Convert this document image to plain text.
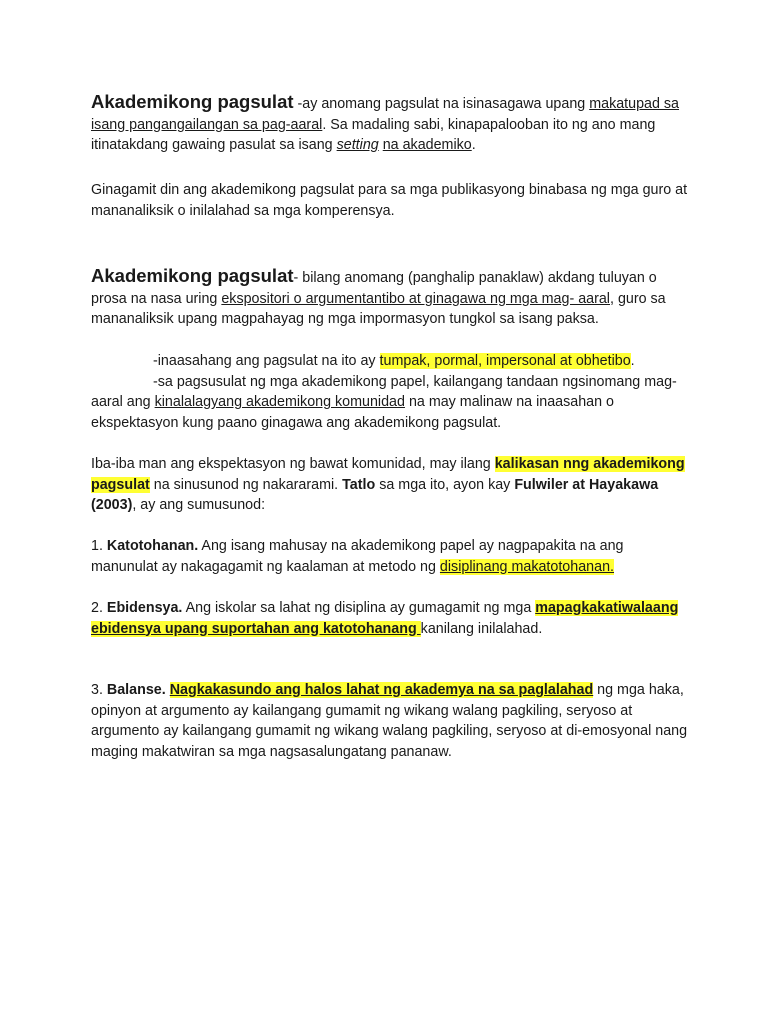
Akademikong pagsulat -ay anomang pagsulat na isinasagawa upang makatupad sa isang pangangailangan sa pag-aaral. Sa madaling sabi, kinapapalooban ito ng ano mang itinatakdang gawaing pasulat sa isang setting na akademiko.

Ginagamit din ang akademikong pagsulat para sa mga publikasyong binabasa ng mga guro at mananaliksik o inilalahad sa mga komperensya.

Akademikong pagsulat- bilang anomang (panghalip panaklaw) akdang tuluyan o prosa na nasa uring ekspositori o argumentantibo at ginagawa ng mga mag- aaral, guro sa mananaliksik upang magpahayag ng mga impormasyon tungkol sa isang paksa.

-inaasahang ang pagsulat na ito ay tumpak, pormal, impersonal at obhetibo.
-sa pagsusulat ng mga akademikong papel, kailangang tandaan ngsinomang mag-aaral ang kinalalagyang akademikong komunidad na may malinaw na inaasahan o ekspektasyon kung paano ginagawa ang akademikong pagsulat.

Iba-iba man ang ekspektasyon ng bawat komunidad, may ilang kalikasan nng akademikong pagsulat na sinusunod ng nakararami. Tatlo sa mga ito, ayon kay Fulwiler at Hayakawa (2003), ay ang sumusunod:

1. Katotohanan. Ang isang mahusay na akademikong papel ay nagpapakita na ang manunulat ay nakagagamit ng kaalaman at metodo ng disiplinang makatotohanan.

2. Ebidensya. Ang iskolar sa lahat ng disiplina ay gumagamit ng mga mapagkakatiwalaang ebidensya upang suportahan ang katotohanang kanilang inilalahad.

3. Balanse. Nagkakasundo ang halos lahat ng akademya na sa paglalahad ng mga haka, opinyon at argumento ay kailangang gumamit ng wikang walang pagkiling, seryoso at argumento ay kailangang gumamit ng wikang walang pagkiling, seryoso at di-emosyonal nang maging makatwiran sa mga nagsasalungatang pananaw.
